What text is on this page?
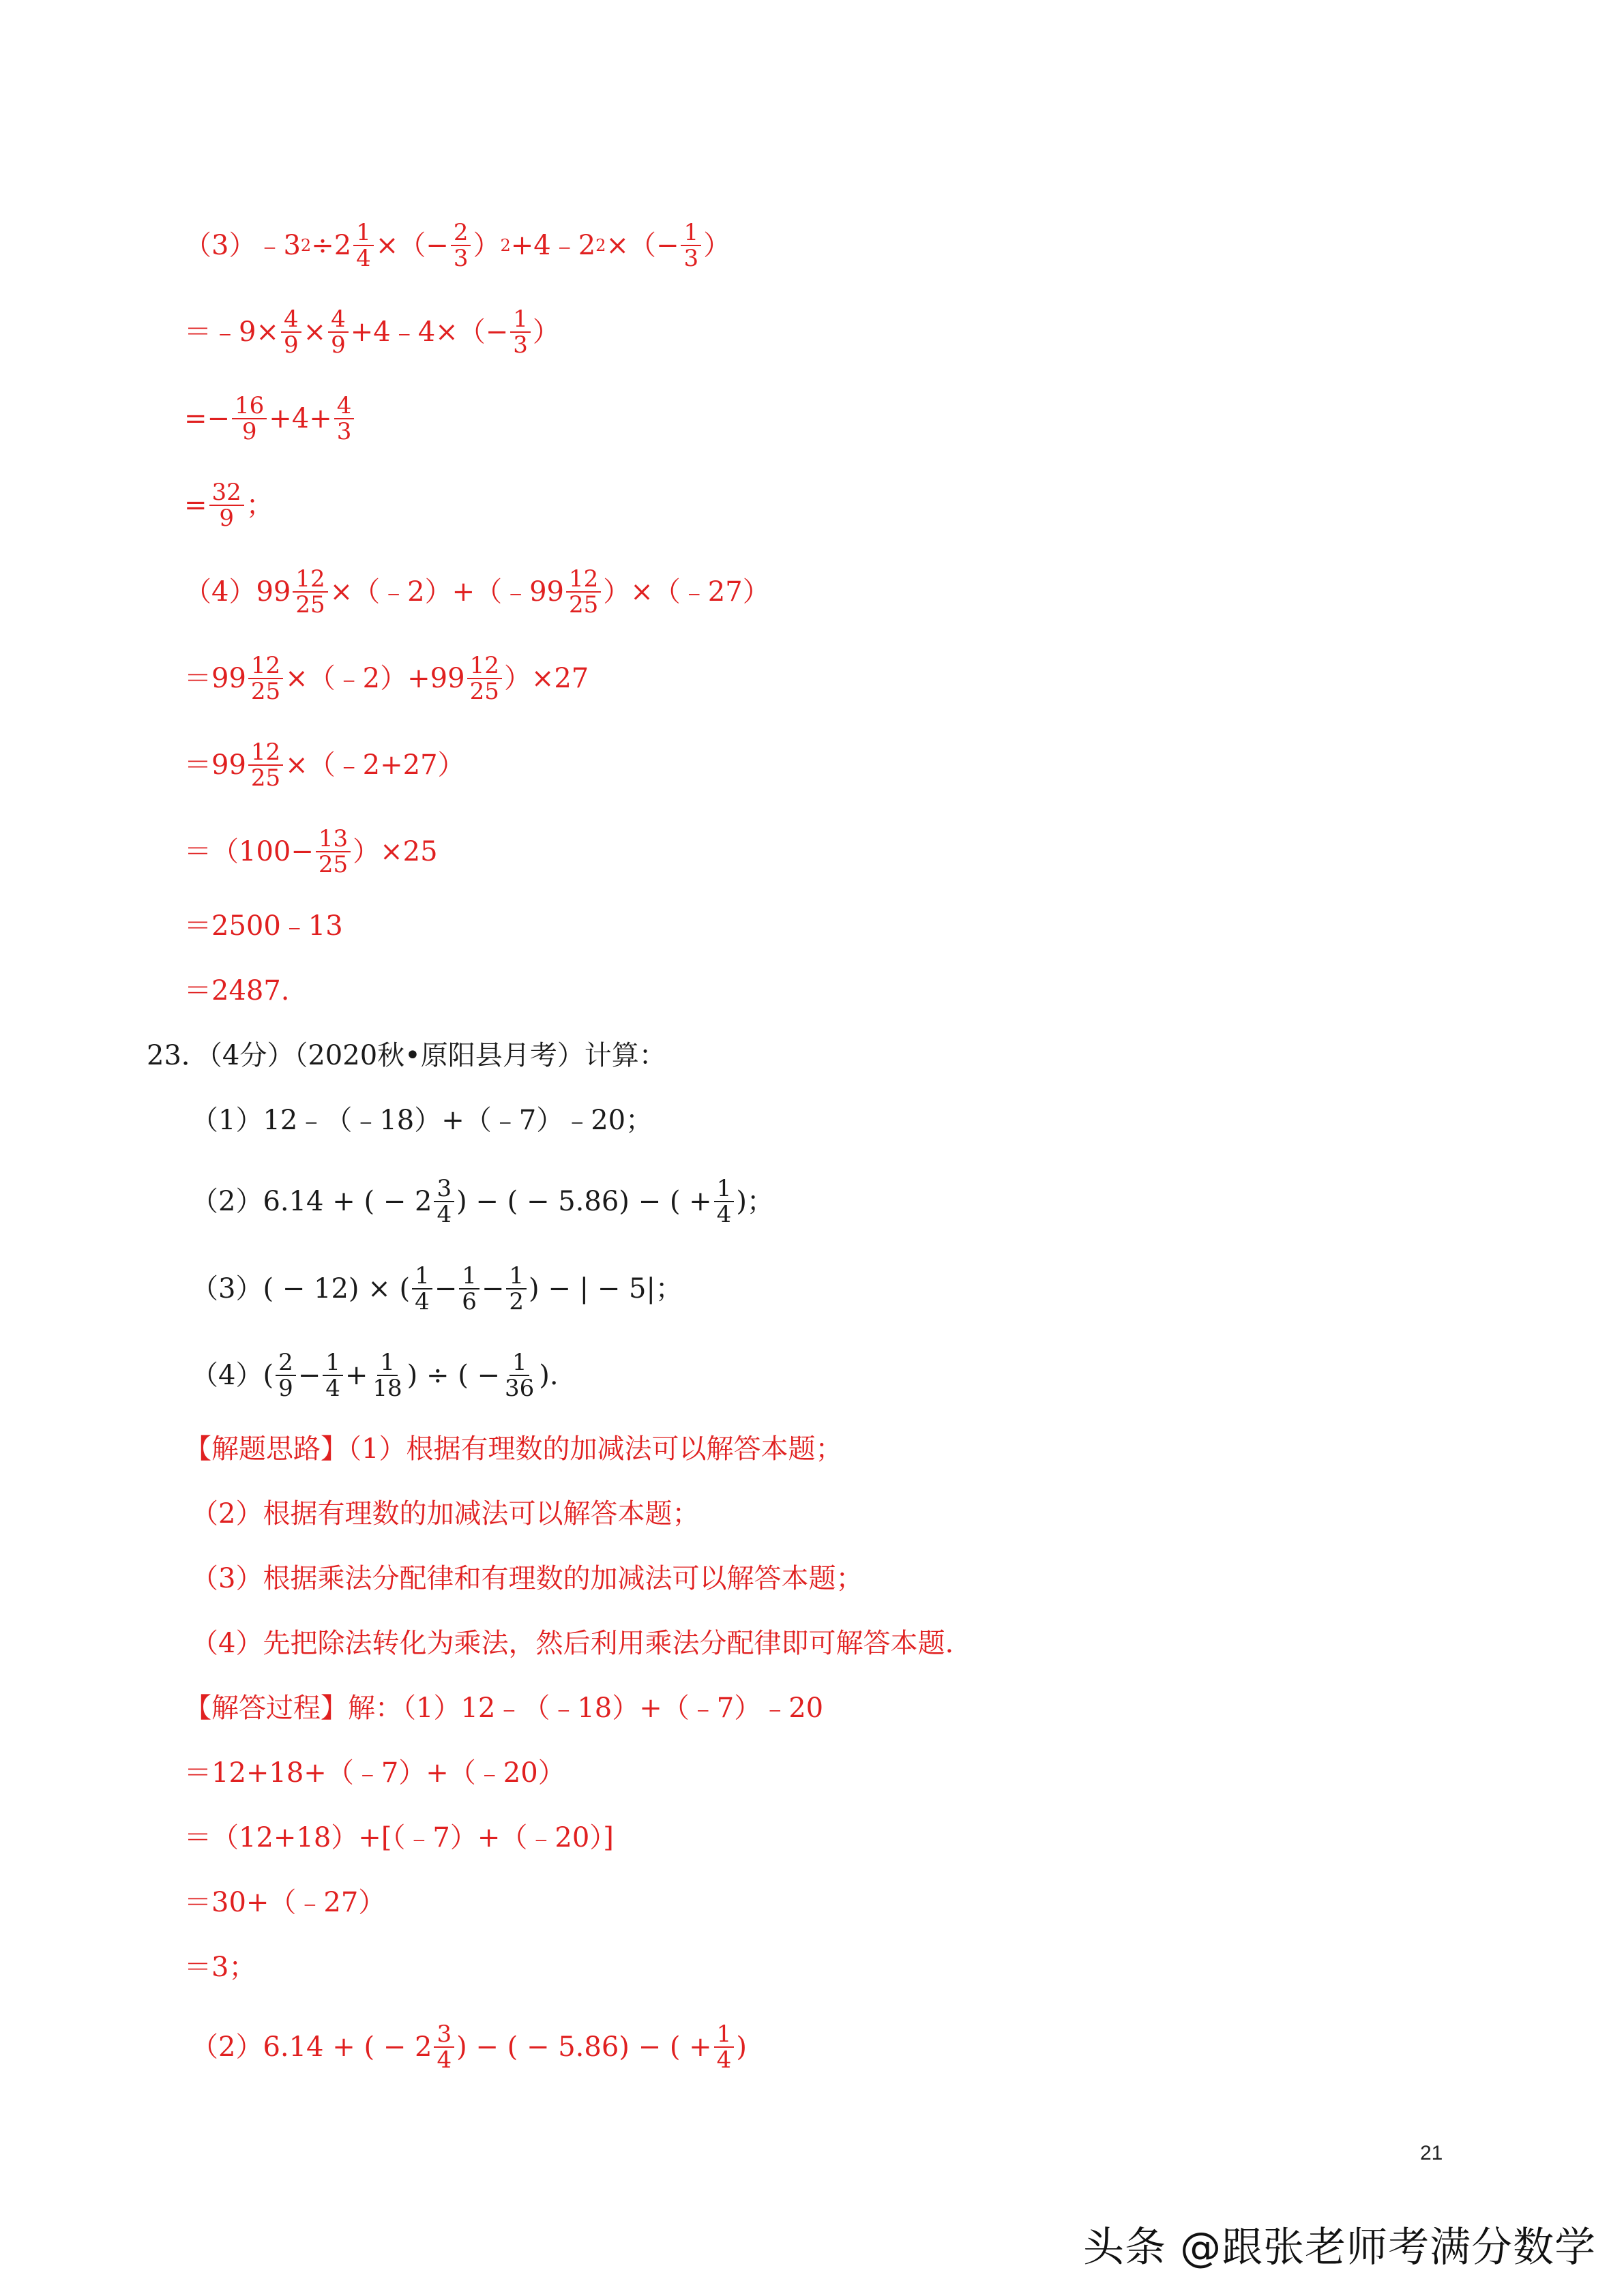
（3） ﹣3 $2 \div 2 \frac{1}{4}$ ×（− $\frac{2}{3}$ ） 2 +4﹣2 2 ×（− $\frac{1}{3}$ ）
＝﹣9× $\frac{4}{9} \times \frac{4}{9}$ +4﹣4×（− $\frac{1}{3}$ ）
=− $\frac{16}{9} +4+ \frac{4}{3}$
= $\frac{32}{9}$ ；
$(4)99 \frac{12}{25}$ ×（﹣2）+（﹣99 $\frac{12}{25}$ ）×（﹣27）
$=99 \frac{12}{25}$ ×（﹣2）+99 $\frac{12}{25} )\times 27$
$=99 \frac{12}{25}$ ×（﹣2+27）
$=(100- \frac{13}{25} )\times 25$
＝2500﹣13
＝2487.
23．（4分）（2020秋•原阳县月考）计算：
（1）12﹣（﹣18）+（﹣7）﹣20；
（2）6.14 + ( − $2 \frac{3}{4}$ ) − ( − 5.86) − ( + $\frac{1}{4}$ )；
（3）( − 12) × ( $\frac{1}{4} - \frac{1}{6} - \frac{1}{2}$ ) − | − 5|；
$(4)( \frac{2}{9} - \frac{1}{4} + \frac{1}{18}$ ) ÷ ( − $\frac{1}{36}$ ).
【解题思路】（1）根据有理数的加减法可以解答本题；
（2）根据有理数的加减法可以解答本题；
（3）根据乘法分配律和有理数的加减法可以解答本题；
（4）先把除法转化为乘法，然后利用乘法分配律即可解答本题.
【解答过程】解：（1）12﹣（﹣18）+（﹣7）﹣20
＝12+18+（﹣7）+（﹣20）
＝（12+18）+[（﹣7）+（﹣20）]
＝30+（﹣27）
＝3；
（2）6.14 + ( − $2 \frac{3}{4}$ ) − ( − 5.86) − ( + $\frac{1}{4}$ )
21
头条 @跟张老师考满分数学
